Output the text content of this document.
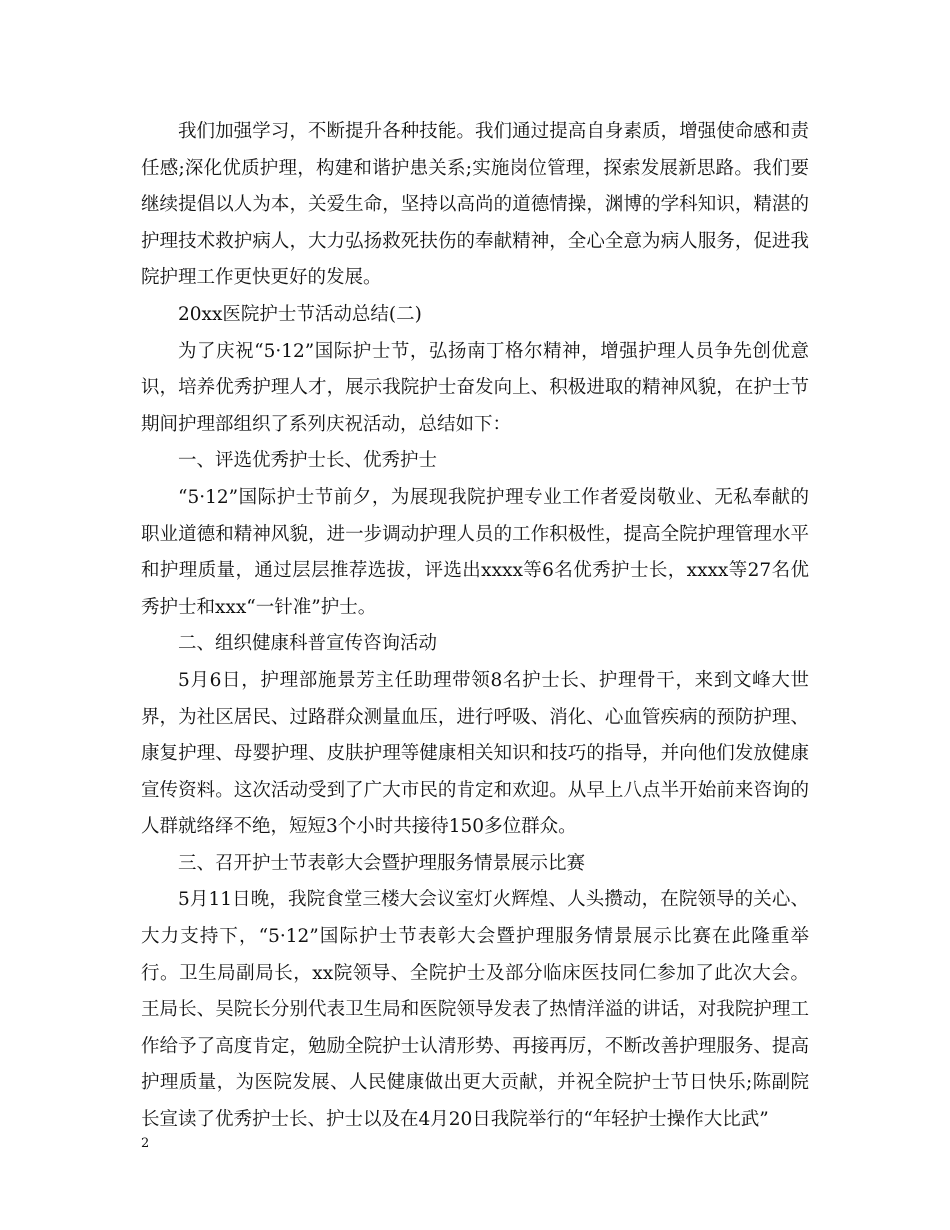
我们加强学习，不断提升各种技能。我们通过提高自身素质，增强使命感和责任感;深化优质护理，构建和谐护患关系;实施岗位管理，探索发展新思路。我们要继续提倡以人为本，关爱生命，坚持以高尚的道德情操，渊博的学科知识，精湛的护理技术救护病人，大力弘扬救死扶伤的奉献精神，全心全意为病人服务，促进我院护理工作更快更好的发展。

20xx医院护士节活动总结(二)

为了庆祝“5·12”国际护士节，弘扬南丁格尔精神，增强护理人员争先创优意识，培养优秀护理人才，展示我院护士奋发向上、积极进取的精神风貌，在护士节期间护理部组织了系列庆祝活动，总结如下：

一、评选优秀护士长、优秀护士

“5·12”国际护士节前夕，为展现我院护理专业工作者爱岗敬业、无私奉献的职业道德和精神风貌，进一步调动护理人员的工作积极性，提高全院护理管理水平和护理质量，通过层层推荐选拔，评选出xxxx等6名优秀护士长，xxxx等27名优秀护士和xxx“一针准”护士。

二、组织健康科普宣传咨询活动

5月6日，护理部施景芳主任助理带领8名护士长、护理骨干，来到文峰大世界，为社区居民、过路群众测量血压，进行呼吸、消化、心血管疾病的预防护理、康复护理、母婴护理、皮肤护理等健康相关知识和技巧的指导，并向他们发放健康宣传资料。这次活动受到了广大市民的肯定和欢迎。从早上八点半开始前来咨询的人群就络绎不绝，短短3个小时共接待150多位群众。

三、召开护士节表彰大会暨护理服务情景展示比赛

5月11日晚，我院食堂三楼大会议室灯火辉煌、人头攒动，在院领导的关心、大力支持下，“5·12”国际护士节表彰大会暨护理服务情景展示比赛在此隆重举行。卫生局副局长，xx院领导、全院护士及部分临床医技同仁参加了此次大会。王局长、吴院长分别代表卫生局和医院领导发表了热情洋溢的讲话，对我院护理工作给予了高度肯定，勉励全院护士认清形势、再接再厉，不断改善护理服务、提高护理质量，为医院发展、人民健康做出更大贡献，并祝全院护士节日快乐;陈副院长宣读了优秀护士长、护士以及在4月20日我院举行的“年轻护士操作大比武”

2
